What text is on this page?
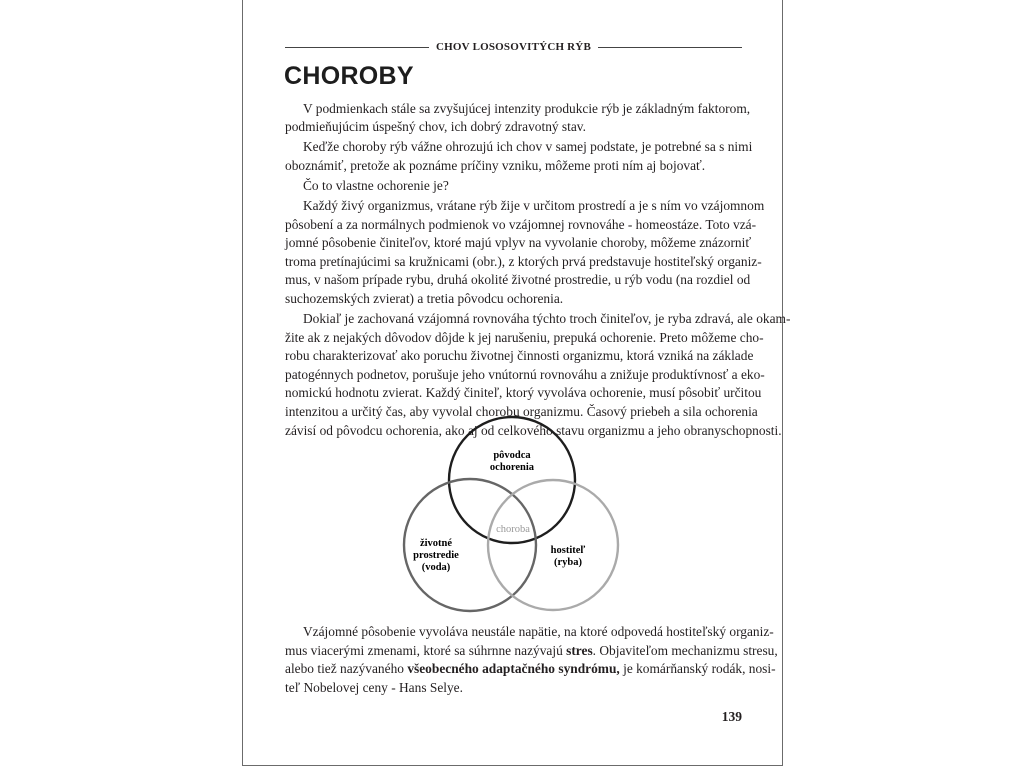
CHOV LOSOSOVITÝCH RÝB
CHOROBY
V podmienkach stále sa zvyšujúcej intenzity produkcie rýb je základným faktorom,
podmieňujúcim úspešný chov, ich dobrý zdravotný stav.
Keďže choroby rýb vážne ohrozujú ich chov v samej podstate, je potrebné sa s nimi
oboznámiť, pretože ak poznáme príčiny vzniku, môžeme proti ním aj bojovať.
Čo to vlastne ochorenie je?
Každý živý organizmus, vrátane rýb žije v určitom prostredí a je s ním vo vzájomnom
pôsobení a za normálnych podmienok vo vzájomnej rovnováhe - homeostáze. Toto vzá-
jomné pôsobenie činiteľov, ktoré majú vplyv na vyvolanie choroby, môžeme znázorniť
troma pretínajúcimi sa kružnicami (obr.), z ktorých prvá predstavuje hostiteľský organiz-
mus, v našom prípade rybu, druhá okolité životné prostredie, u rýb vodu (na rozdiel od
suchozemských zvierat) a tretia pôvodcu ochorenia.
Dokiaľ je zachovaná vzájomná rovnováha týchto troch činiteľov, je ryba zdravá, ale okam-
žite ak z nejakých dôvodov dôjde k jej narušeniu, prepuká ochorenie. Preto môžeme cho-
robu charakterizovať ako poruchu životnej činnosti organizmu, ktorá vzniká na základe
patogénnych podnetov, porušuje jeho vnútornú rovnováhu a znižuje produktívnosť a eko-
nomickú hodnotu zvierat. Každý činiteľ, ktorý vyvoláva ochorenie, musí pôsobiť určitou
intenzitou a určitý čas, aby vyvolal chorobu organizmu. Časový priebeh a sila ochorenia
závisí od pôvodcu ochorenia, ako aj od celkového stavu organizmu a jeho obranyschopnosti.
pôvodca
ochorenia
choroba
životné
prostredie
(voda)
hostiteľ
(ryba)
Vzájomné pôsobenie vyvoláva neustále napätie, na ktoré odpovedá hostiteľský organiz-
mus viacerými zmenami, ktoré sa súhrnne nazývajú stres. Objaviteľom mechanizmu stresu,
alebo tiež nazývaného všeobecného adaptačného syndrómu, je komárňanský rodák, nosi-
teľ Nobelovej ceny - Hans Selye.
139
